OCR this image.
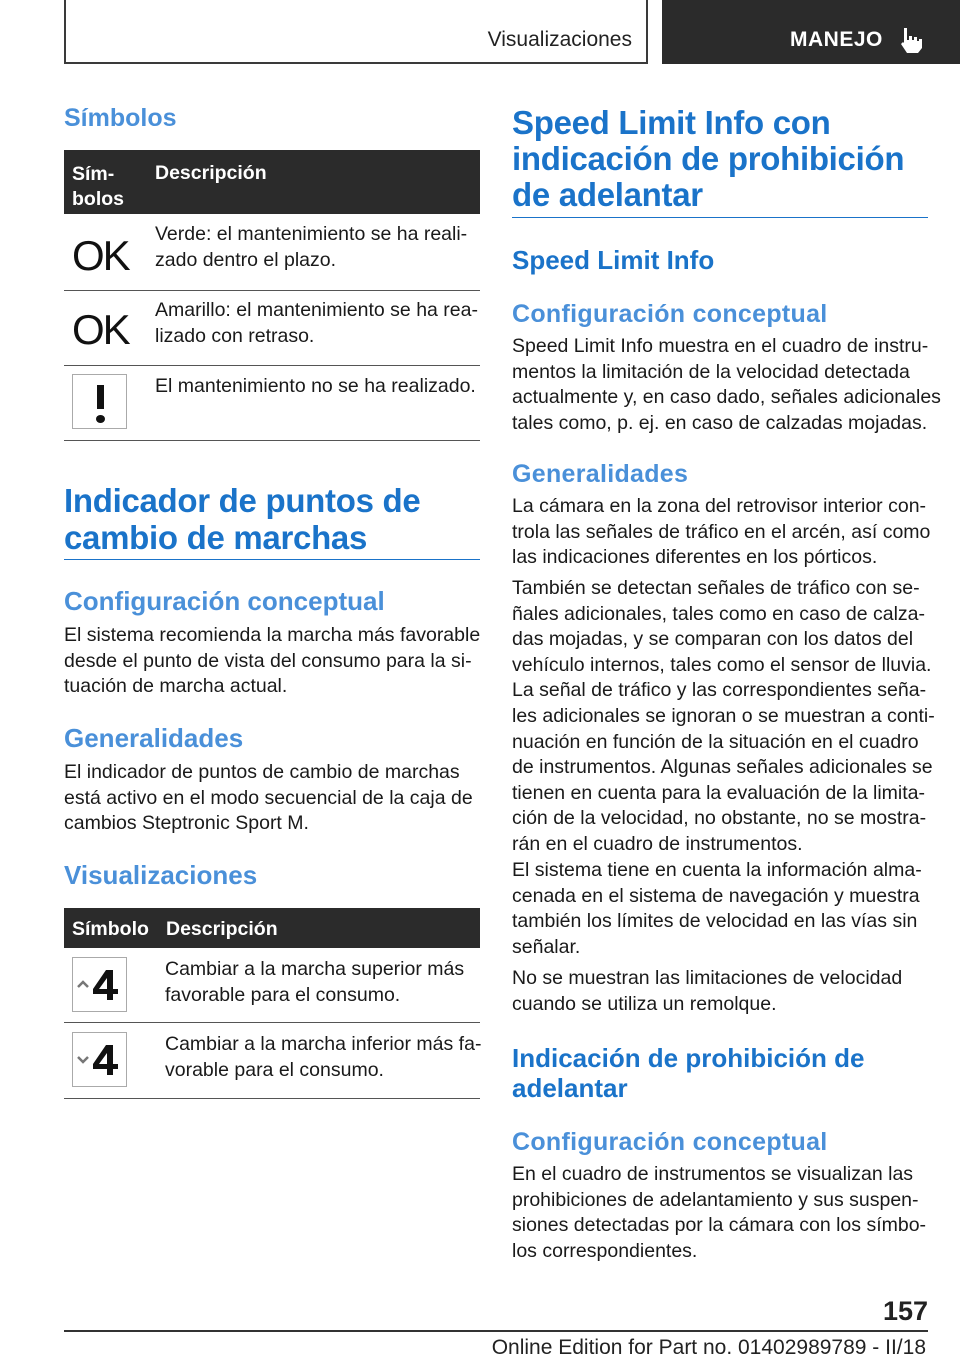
Visualizaciones	MANEJO
Símbolos
Sím-
bolos
Descripción
OK Verde: el mantenimiento se ha reali-
zado dentro el plazo.
OK Amarillo: el mantenimiento se ha rea-
lizado con retraso.
El mantenimiento no se ha realizado.
Indicador de puntos de
cambio de marchas
Configuración conceptual
El sistema recomienda la marcha más favorable
desde el punto de vista del consumo para la si-
tuación de marcha actual.
Generalidades
El indicador de puntos de cambio de marchas
está activo en el modo secuencial de la caja de
cambios Steptronic Sport M.
Visualizaciones
Símbolo Descripción
Cambiar a la marcha superior más
favorable para el consumo.
Cambiar a la marcha inferior más fa-
vorable para el consumo.
Speed Limit Info con
indicación de prohibición
de adelantar
Speed Limit Info
Configuración conceptual
Speed Limit Info muestra en el cuadro de instru-
mentos la limitación de la velocidad detectada
actualmente y, en caso dado, señales adicionales
tales como, p. ej. en caso de calzadas mojadas.
Generalidades
La cámara en la zona del retrovisor interior con-
trola las señales de tráfico en el arcén, así como
las indicaciones diferentes en los pórticos.
También se detectan señales de tráfico con se-
ñales adicionales, tales como en caso de calza-
das mojadas, y se comparan con los datos del
vehículo internos, tales como el sensor de lluvia.
La señal de tráfico y las correspondientes seña-
les adicionales se ignoran o se muestran a conti-
nuación en función de la situación en el cuadro
de instrumentos. Algunas señales adicionales se
tienen en cuenta para la evaluación de la limita-
ción de la velocidad, no obstante, no se mostra-
rán en el cuadro de instrumentos.
El sistema tiene en cuenta la información alma-
cenada en el sistema de navegación y muestra
también los límites de velocidad en las vías sin
señalar.
No se muestran las limitaciones de velocidad
cuando se utiliza un remolque.
Indicación de prohibición de
adelantar
Configuración conceptual
En el cuadro de instrumentos se visualizan las
prohibiciones de adelantamiento y sus suspen-
siones detectadas por la cámara con los símbo-
los correspondientes.
157
Online Edition for Part no. 01402989789 - II/18
